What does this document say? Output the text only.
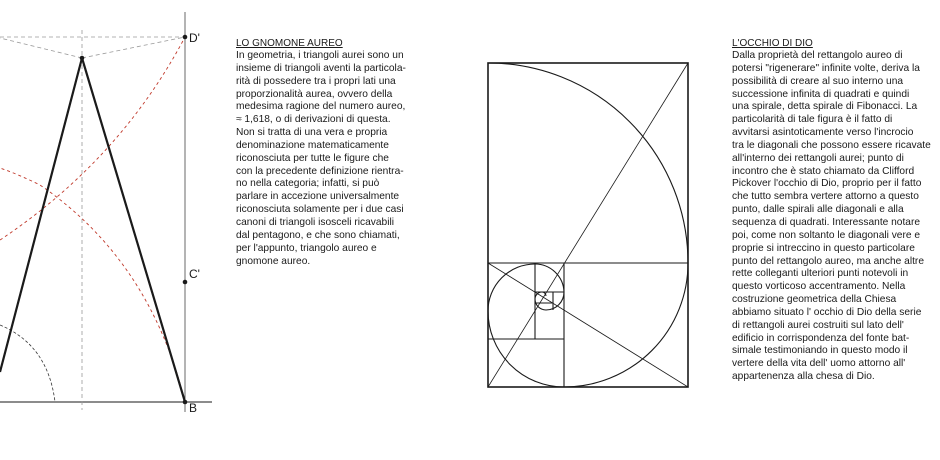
D'
C'
B

LO GNOMONE AUREO

In geometria, i triangoli aurei sono un
insieme di triangoli aventi la particola-
rità di possedere tra i propri lati una
proporzionalità aurea, ovvero della
medesima ragione del numero aureo,
≈ 1,618, o di derivazioni di questa.
Non si tratta di una vera e propria
denominazione matematicamente
riconosciuta per tutte le figure che
con la precedente definizione rientra-
no nella categoria; infatti, si può
parlare in accezione universalmente
riconosciuta solamente per i due casi
canoni di triangoli isosceli ricavabili
dal pentagono, e che sono chiamati,
per l'appunto, triangolo aureo e
gnomone aureo.

L'OCCHIO DI DIO

Dalla proprietà del rettangolo aureo di
potersi "rigenerare" infinite volte, deriva la
possibilità di creare al suo interno una
successione infinita di quadrati e quindi
una spirale, detta spirale di Fibonacci. La
particolarità di tale figura è il fatto di
avvitarsi asintoticamente verso l'incrocio
tra le diagonali che possono essere ricavate
all'interno dei rettangoli aurei; punto di
incontro che è stato chiamato da Clifford
Pickover l'occhio di Dio, proprio per il fatto
che tutto sembra vertere attorno a questo
punto, dalle spirali alle diagonali e alla
sequenza di quadrati. Interessante notare
poi, come non soltanto le diagonali vere e
proprie si intreccino in questo particolare
punto del rettangolo aureo, ma anche altre
rette colleganti ulteriori punti notevoli in
questo vorticoso accentramento. Nella
costruzione geometrica della Chiesa
abbiamo situato l' occhio di Dio della serie
di rettangoli aurei costruiti sul lato dell'
edificio in corrispondenza del fonte bat-
simale testimoniando in questo modo il
vertere della vita dell' uomo attorno all'
appartenenza alla chesa di Dio.
